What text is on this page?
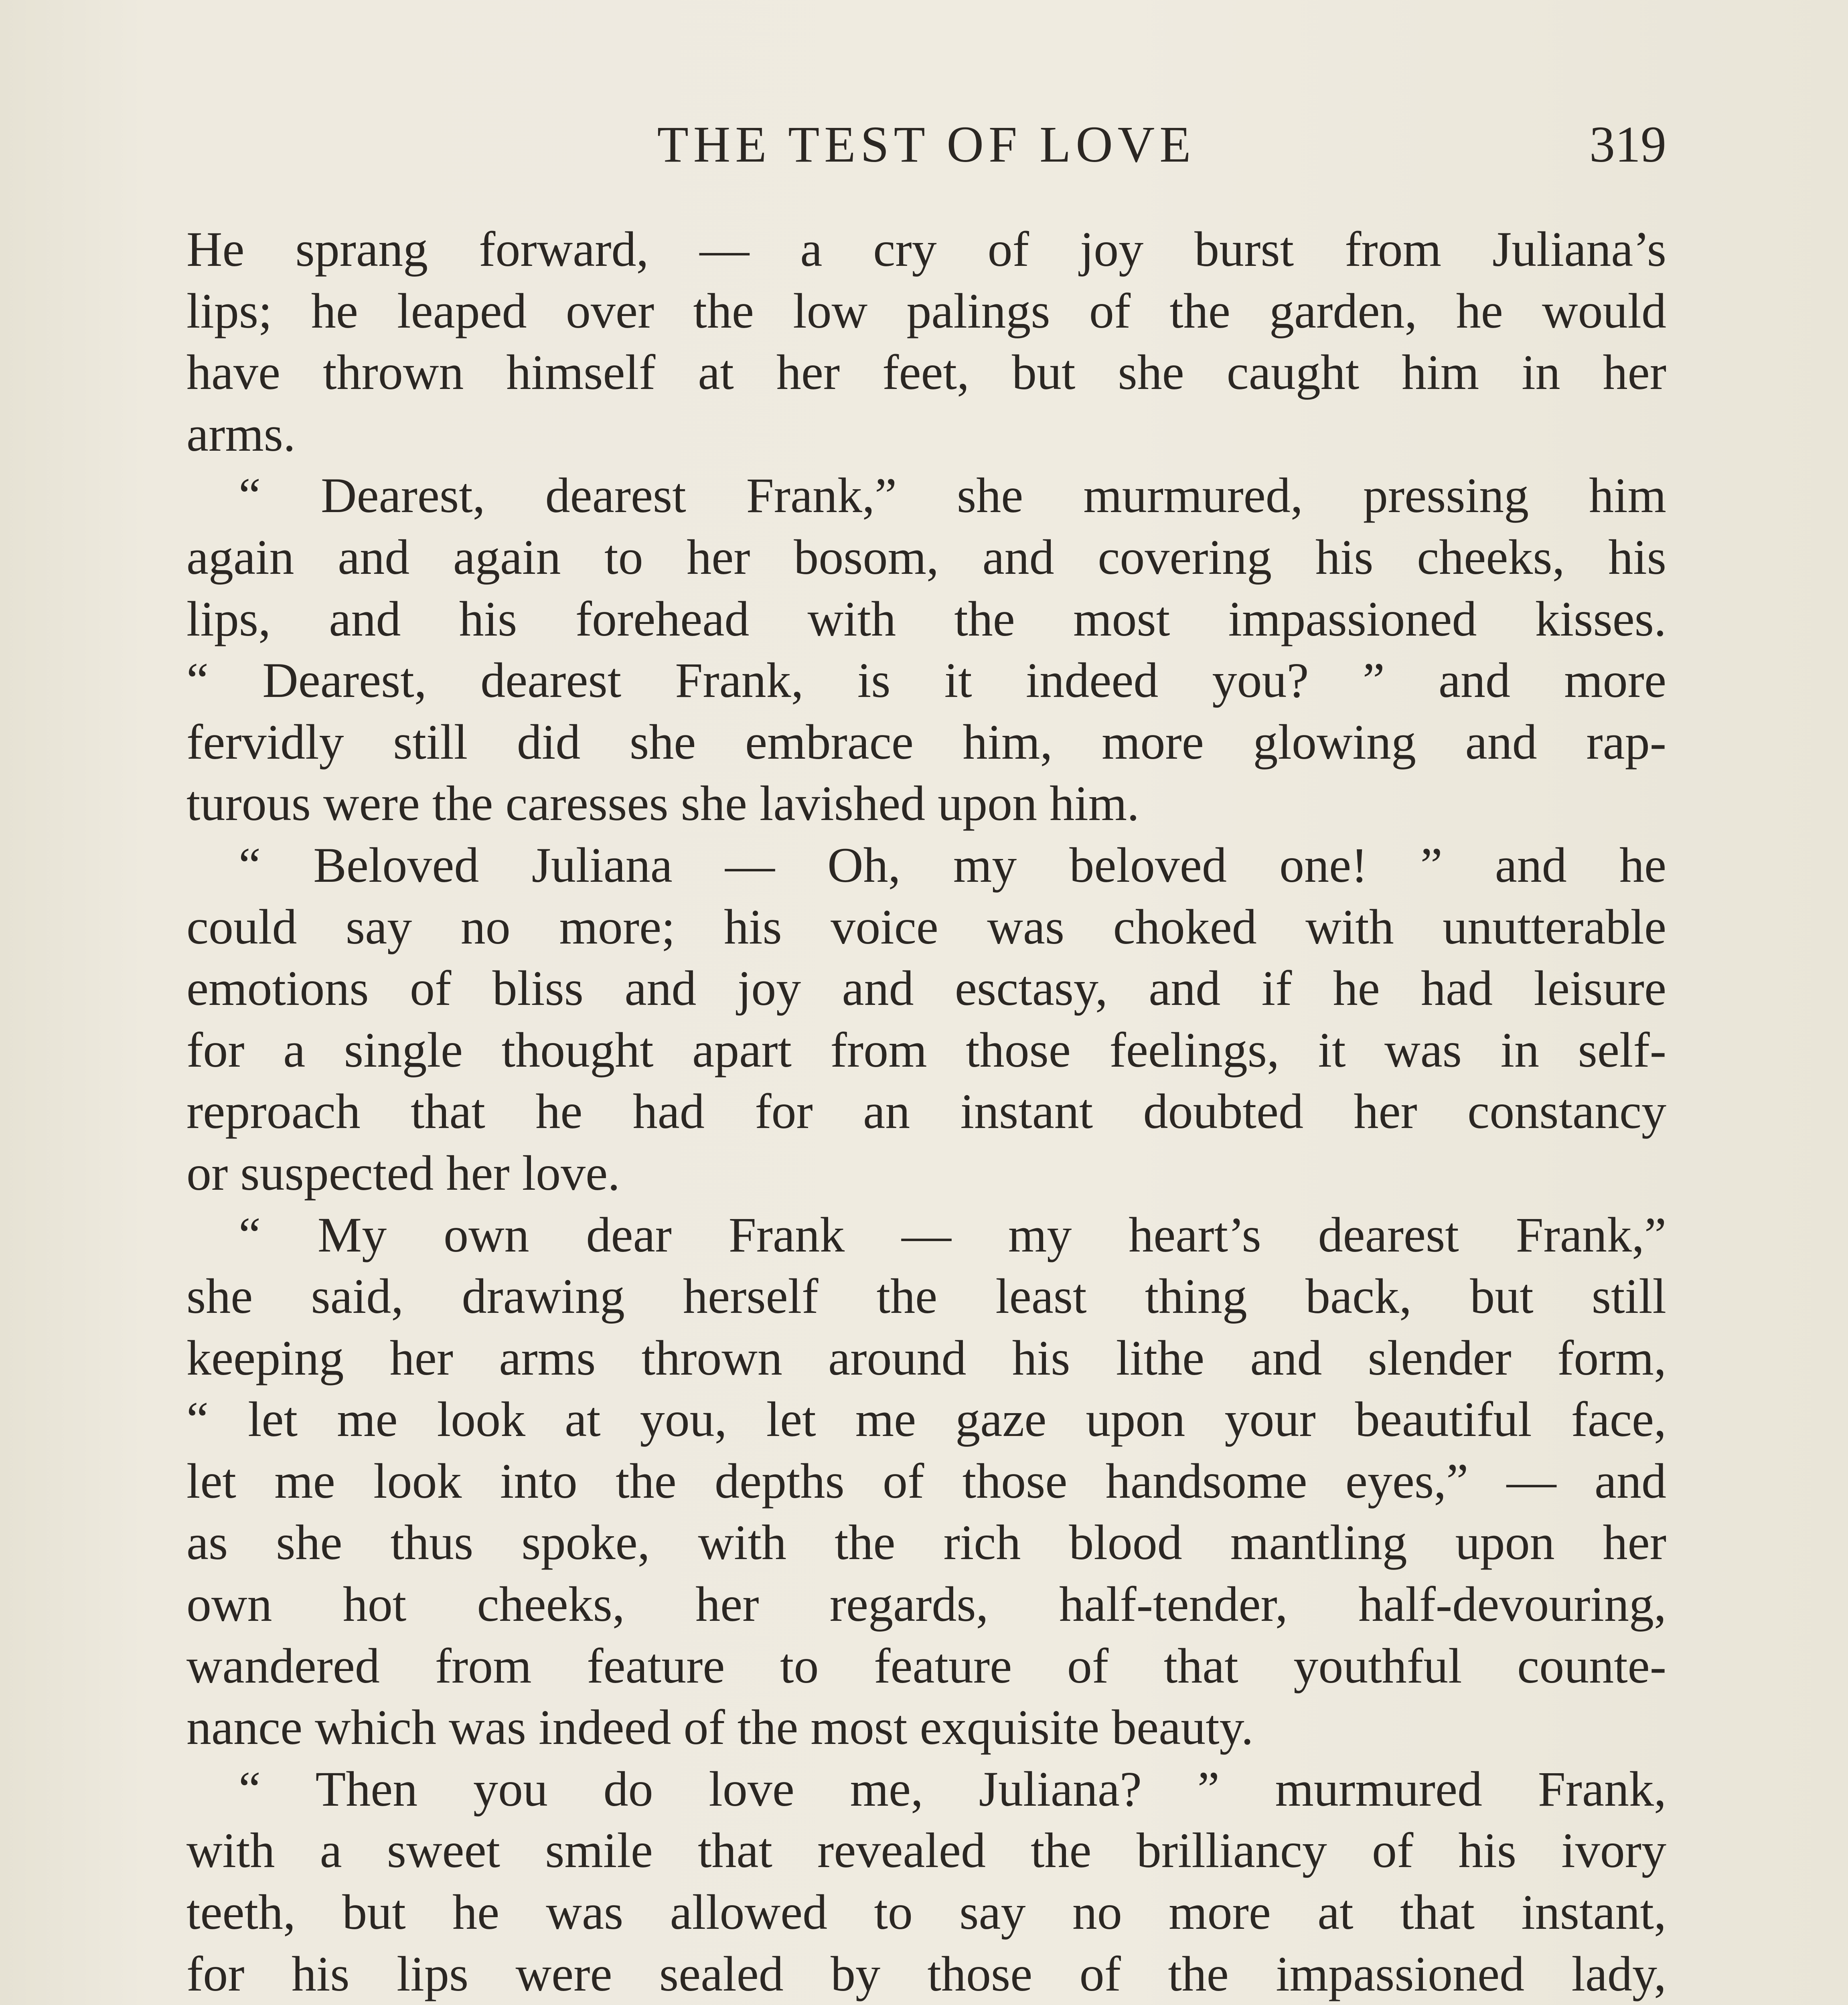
THE TEST OF LOVE	319
He sprang forward, — a cry of joy burst from Juliana’s
lips; he leaped over the low palings of the garden, he would
have thrown himself at her feet, but she caught him in her
arms.
“ Dearest, dearest Frank,” she murmured, pressing him
again and again to her bosom, and covering his cheeks, his
lips, and his forehead with the most impassioned kisses.
“ Dearest, dearest Frank, is it indeed you? ” and more
fervidly still did she embrace him, more glowing and rap-
turous were the caresses she lavished upon him.
“ Beloved Juliana — Oh, my beloved one! ” and he
could say no more; his voice was choked with unutterable
emotions of bliss and joy and esctasy, and if he had leisure
for a single thought apart from those feelings, it was in self-
reproach that he had for an instant doubted her constancy
or suspected her love.
“ My own dear Frank — my heart’s dearest Frank,”
she said, drawing herself the least thing back, but still
keeping her arms thrown around his lithe and slender form,
“ let me look at you, let me gaze upon your beautiful face,
let me look into the depths of those handsome eyes,” — and
as she thus spoke, with the rich blood mantling upon her
own hot cheeks, her regards, half-tender, half-devouring,
wandered from feature to feature of that youthful counte-
nance which was indeed of the most exquisite beauty.
“ Then you do love me, Juliana? ” murmured Frank,
with a sweet smile that revealed the brilliancy of his ivory
teeth, but he was allowed to say no more at that instant,
for his lips were sealed by those of the impassioned lady,
